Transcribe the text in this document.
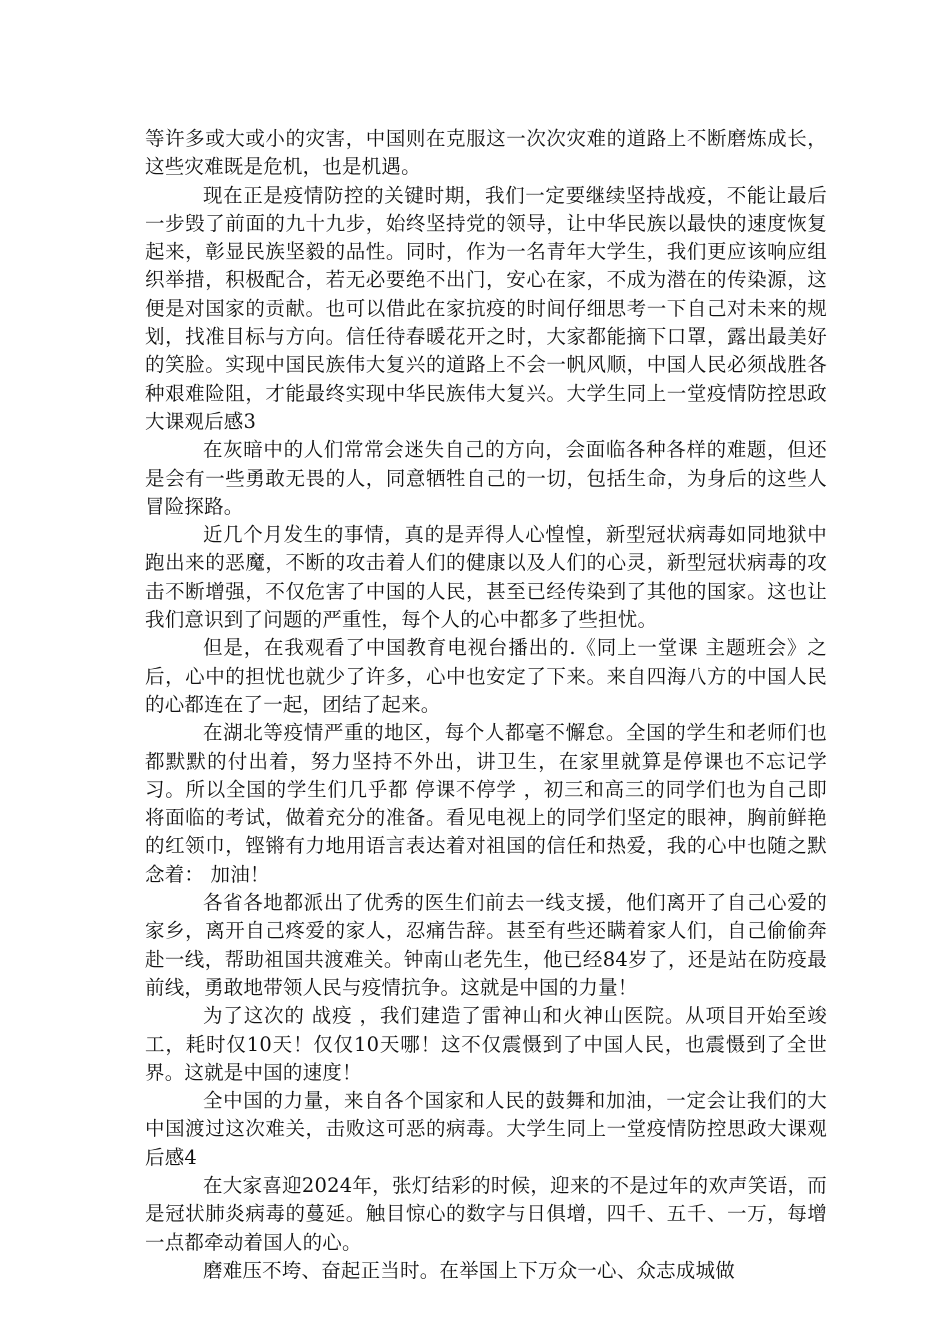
等许多或大或小的灾害，中国则在克服这一次次灾难的道路上不断磨炼成长，这些灾难既是危机，也是机遇。

现在正是疫情防控的关键时期，我们一定要继续坚持战疫，不能让最后一步毁了前面的九十九步，始终坚持党的领导，让中华民族以最快的速度恢复起来，彰显民族坚毅的品性。同时，作为一名青年大学生，我们更应该响应组织举措，积极配合，若无必要绝不出门，安心在家，不成为潜在的传染源，这便是对国家的贡献。也可以借此在家抗疫的时间仔细思考一下自己对未来的规划，找准目标与方向。信任待春暖花开之时，大家都能摘下口罩，露出最美好的笑脸。实现中国民族伟大复兴的道路上不会一帆风顺，中国人民必须战胜各种艰难险阻，才能最终实现中华民族伟大复兴。大学生同上一堂疫情防控思政大课观后感3

在灰暗中的人们常常会迷失自己的方向，会面临各种各样的难题，但还是会有一些勇敢无畏的人，同意牺牲自己的一切，包括生命，为身后的这些人冒险探路。

近几个月发生的事情，真的是弄得人心惶惶，新型冠状病毒如同地狱中跑出来的恶魔，不断的攻击着人们的健康以及人们的心灵，新型冠状病毒的攻击不断增强，不仅危害了中国的人民，甚至已经传染到了其他的国家。这也让我们意识到了问题的严重性，每个人的心中都多了些担忧。

但是，在我观看了中国教育电视台播出的.《同上一堂课 主题班会》之后，心中的担忧也就少了许多，心中也安定了下来。来自四海八方的中国人民的心都连在了一起，团结了起来。

在湖北等疫情严重的地区，每个人都毫不懈怠。全国的学生和老师们也都默默的付出着，努力坚持不外出，讲卫生，在家里就算是停课也不忘记学习。所以全国的学生们几乎都 停课不停学 ，初三和高三的同学们也为自己即将面临的考试，做着充分的准备。看见电视上的同学们坚定的眼神，胸前鲜艳的红领巾，铿锵有力地用语言表达着对祖国的信任和热爱，我的心中也随之默念着： 加油！

各省各地都派出了优秀的医生们前去一线支援，他们离开了自己心爱的家乡，离开自己疼爱的家人，忍痛告辞。甚至有些还瞒着家人们，自己偷偷奔赴一线，帮助祖国共渡难关。钟南山老先生，他已经84岁了，还是站在防疫最前线，勇敢地带领人民与疫情抗争。这就是中国的力量！

为了这次的 战疫 ，我们建造了雷神山和火神山医院。从项目开始至竣工，耗时仅10天！仅仅10天哪！这不仅震慑到了中国人民，也震慑到了全世界。这就是中国的速度！

全中国的力量，来自各个国家和人民的鼓舞和加油，一定会让我们的大中国渡过这次难关，击败这可恶的病毒。大学生同上一堂疫情防控思政大课观后感4

在大家喜迎2024年，张灯结彩的时候，迎来的不是过年的欢声笑语，而是冠状肺炎病毒的蔓延。触目惊心的数字与日俱增，四千、五千、一万，每增一点都牵动着国人的心。

磨难压不垮、奋起正当时。在举国上下万众一心、众志成城做
